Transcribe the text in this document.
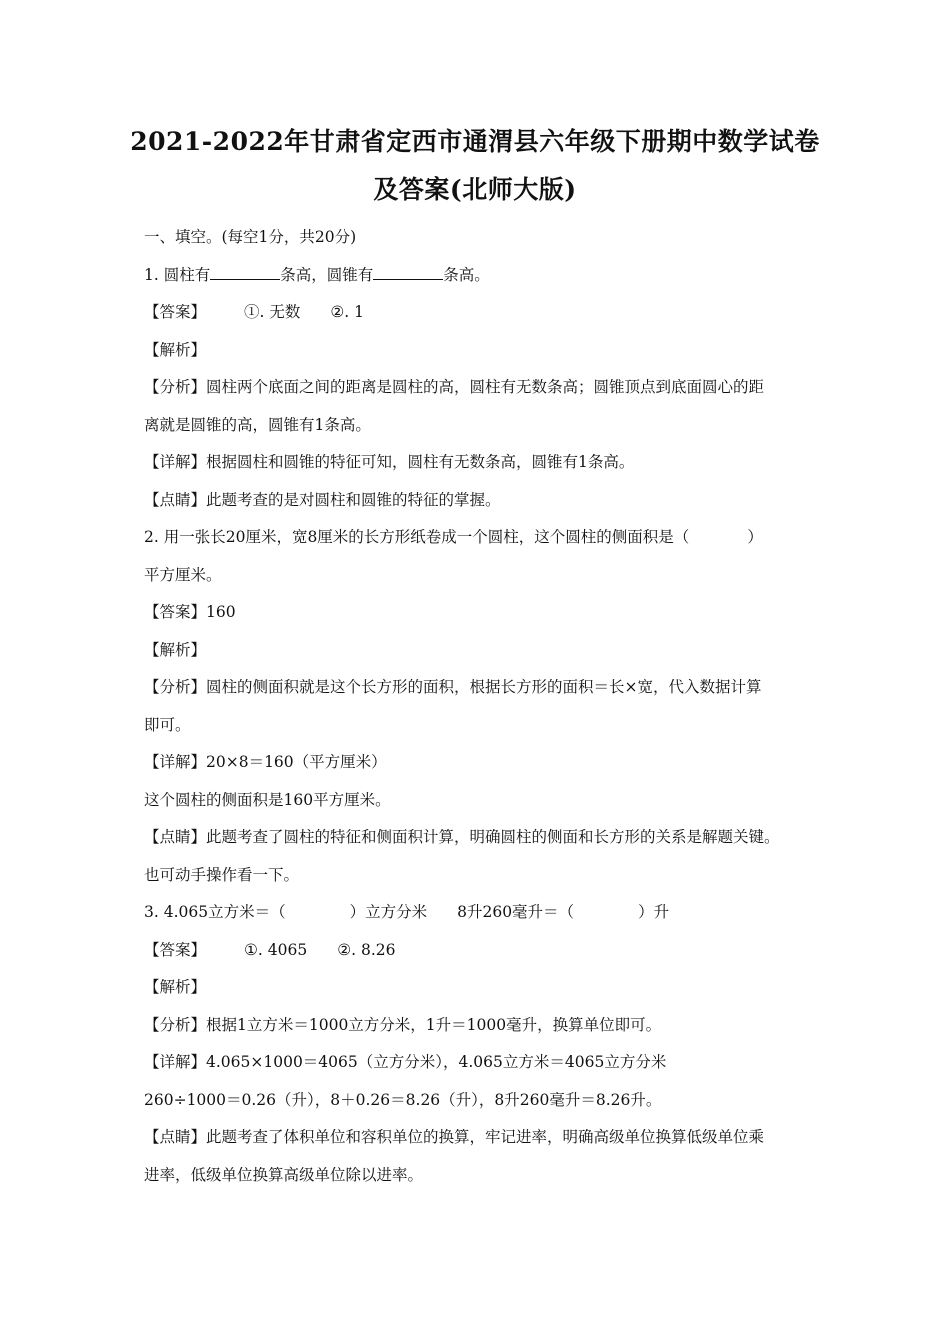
2021-2022年甘肃省定西市通渭县六年级下册期中数学试卷
及答案(北师大版)
一、填空。(每空1分，共20分)
1. 圆柱有	条高，圆锥有	条高。
【答案】 ①. 无数 ②. 1
【解析】
【分析】圆柱两个底面之间的距离是圆柱的高，圆柱有无数条高；圆锥顶点到底面圆心的距
离就是圆锥的高，圆锥有1条高。
【详解】根据圆柱和圆锥的特征可知，圆柱有无数条高，圆锥有1条高。
【点睛】此题考查的是对圆柱和圆锥的特征的掌握。
2. 用一张长20厘米，宽8厘米的长方形纸卷成一个圆柱，这个圆柱的侧面积是（	）
平方厘米。
【答案】160
【解析】
【分析】圆柱的侧面积就是这个长方形的面积，根据长方形的面积＝长×宽，代入数据计算
即可。
【详解】20×8＝160（平方厘米）
这个圆柱的侧面积是160平方厘米。
【点睛】此题考查了圆柱的特征和侧面积计算，明确圆柱的侧面和长方形的关系是解题关键。
也可动手操作看一下。
3. 4.065立方米＝（	）立方分米 8升260毫升＝（	）升
【答案】 ①. 4065 ②. 8.26
【解析】
【分析】根据1立方米＝1000立方分米，1升＝1000毫升，换算单位即可。
【详解】4.065×1000＝4065（立方分米），4.065立方米＝4065立方分米
260÷1000＝0.26（升），8＋0.26＝8.26（升），8升260毫升＝8.26升。
【点睛】此题考查了体积单位和容积单位的换算，牢记进率，明确高级单位换算低级单位乘
进率，低级单位换算高级单位除以进率。
